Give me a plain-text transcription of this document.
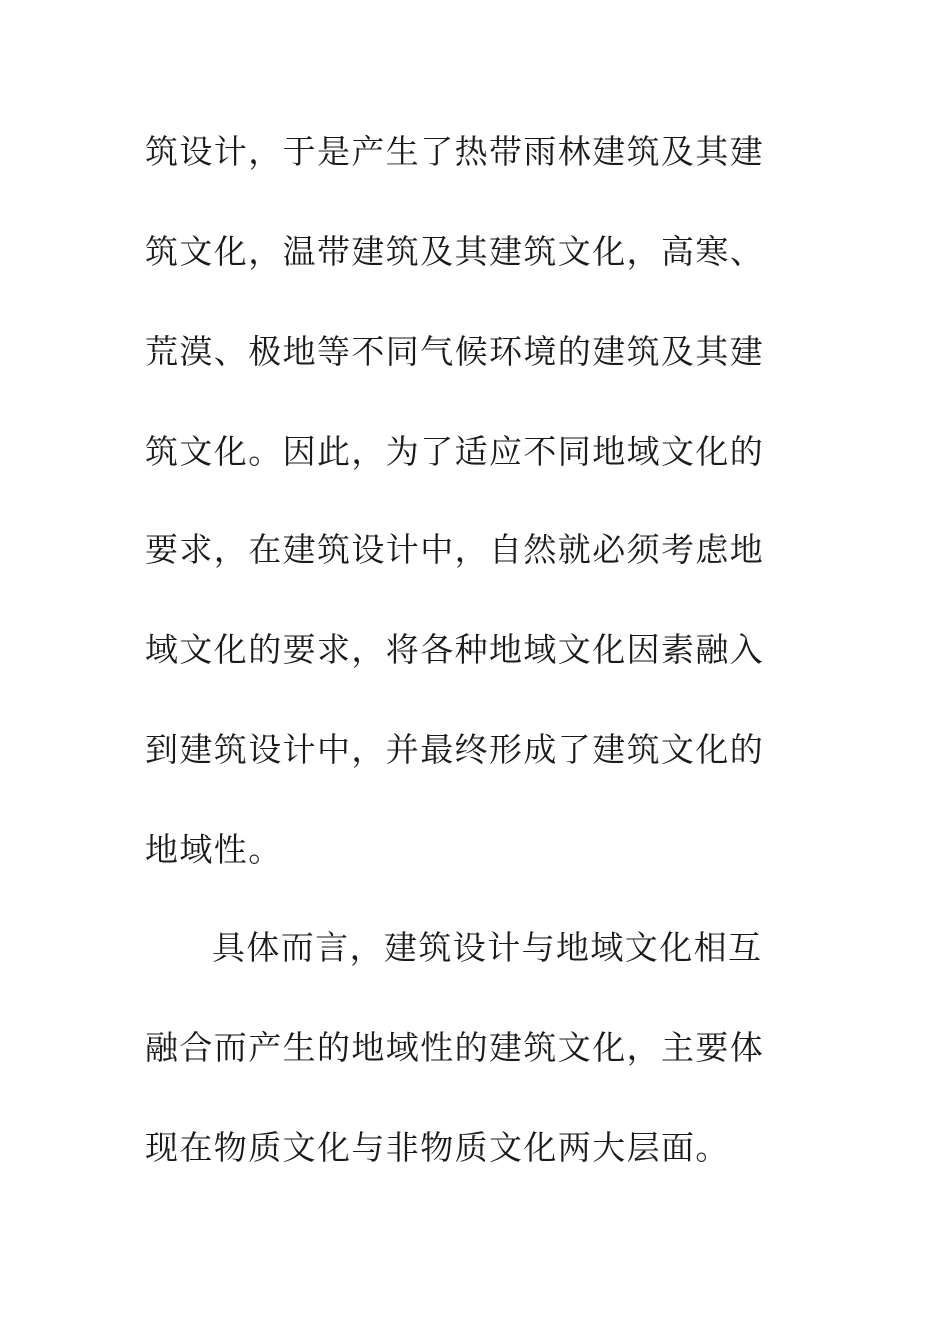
筑设计，于是产生了热带雨林建筑及其建
筑文化，温带建筑及其建筑文化，高寒、
荒漠、极地等不同气候环境的建筑及其建
筑文化。因此，为了适应不同地域文化的
要求，在建筑设计中，自然就必须考虑地
域文化的要求，将各种地域文化因素融入
到建筑设计中，并最终形成了建筑文化的
地域性。
具体而言，建筑设计与地域文化相互
融合而产生的地域性的建筑文化，主要体
现在物质文化与非物质文化两大层面。
